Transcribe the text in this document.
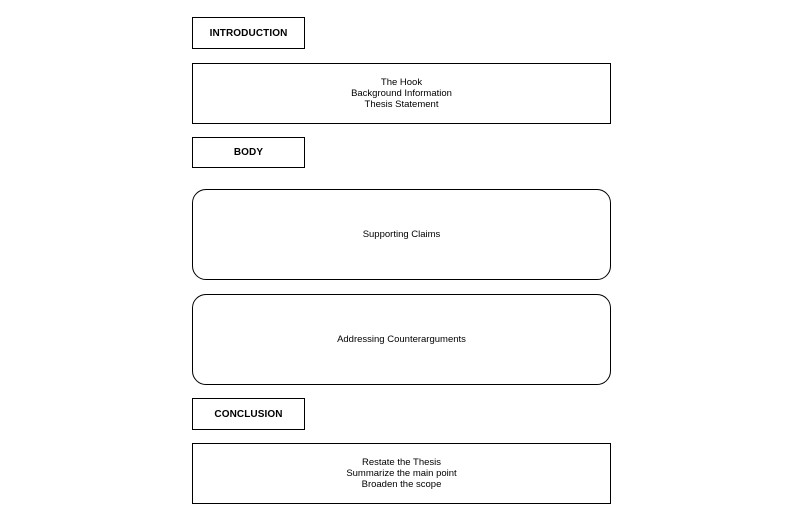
INTRODUCTION
The Hook
Background Information
Thesis Statement
BODY
Supporting Claims
Addressing Counterarguments
CONCLUSION
Restate the Thesis
Summarize the main point
Broaden the scope
